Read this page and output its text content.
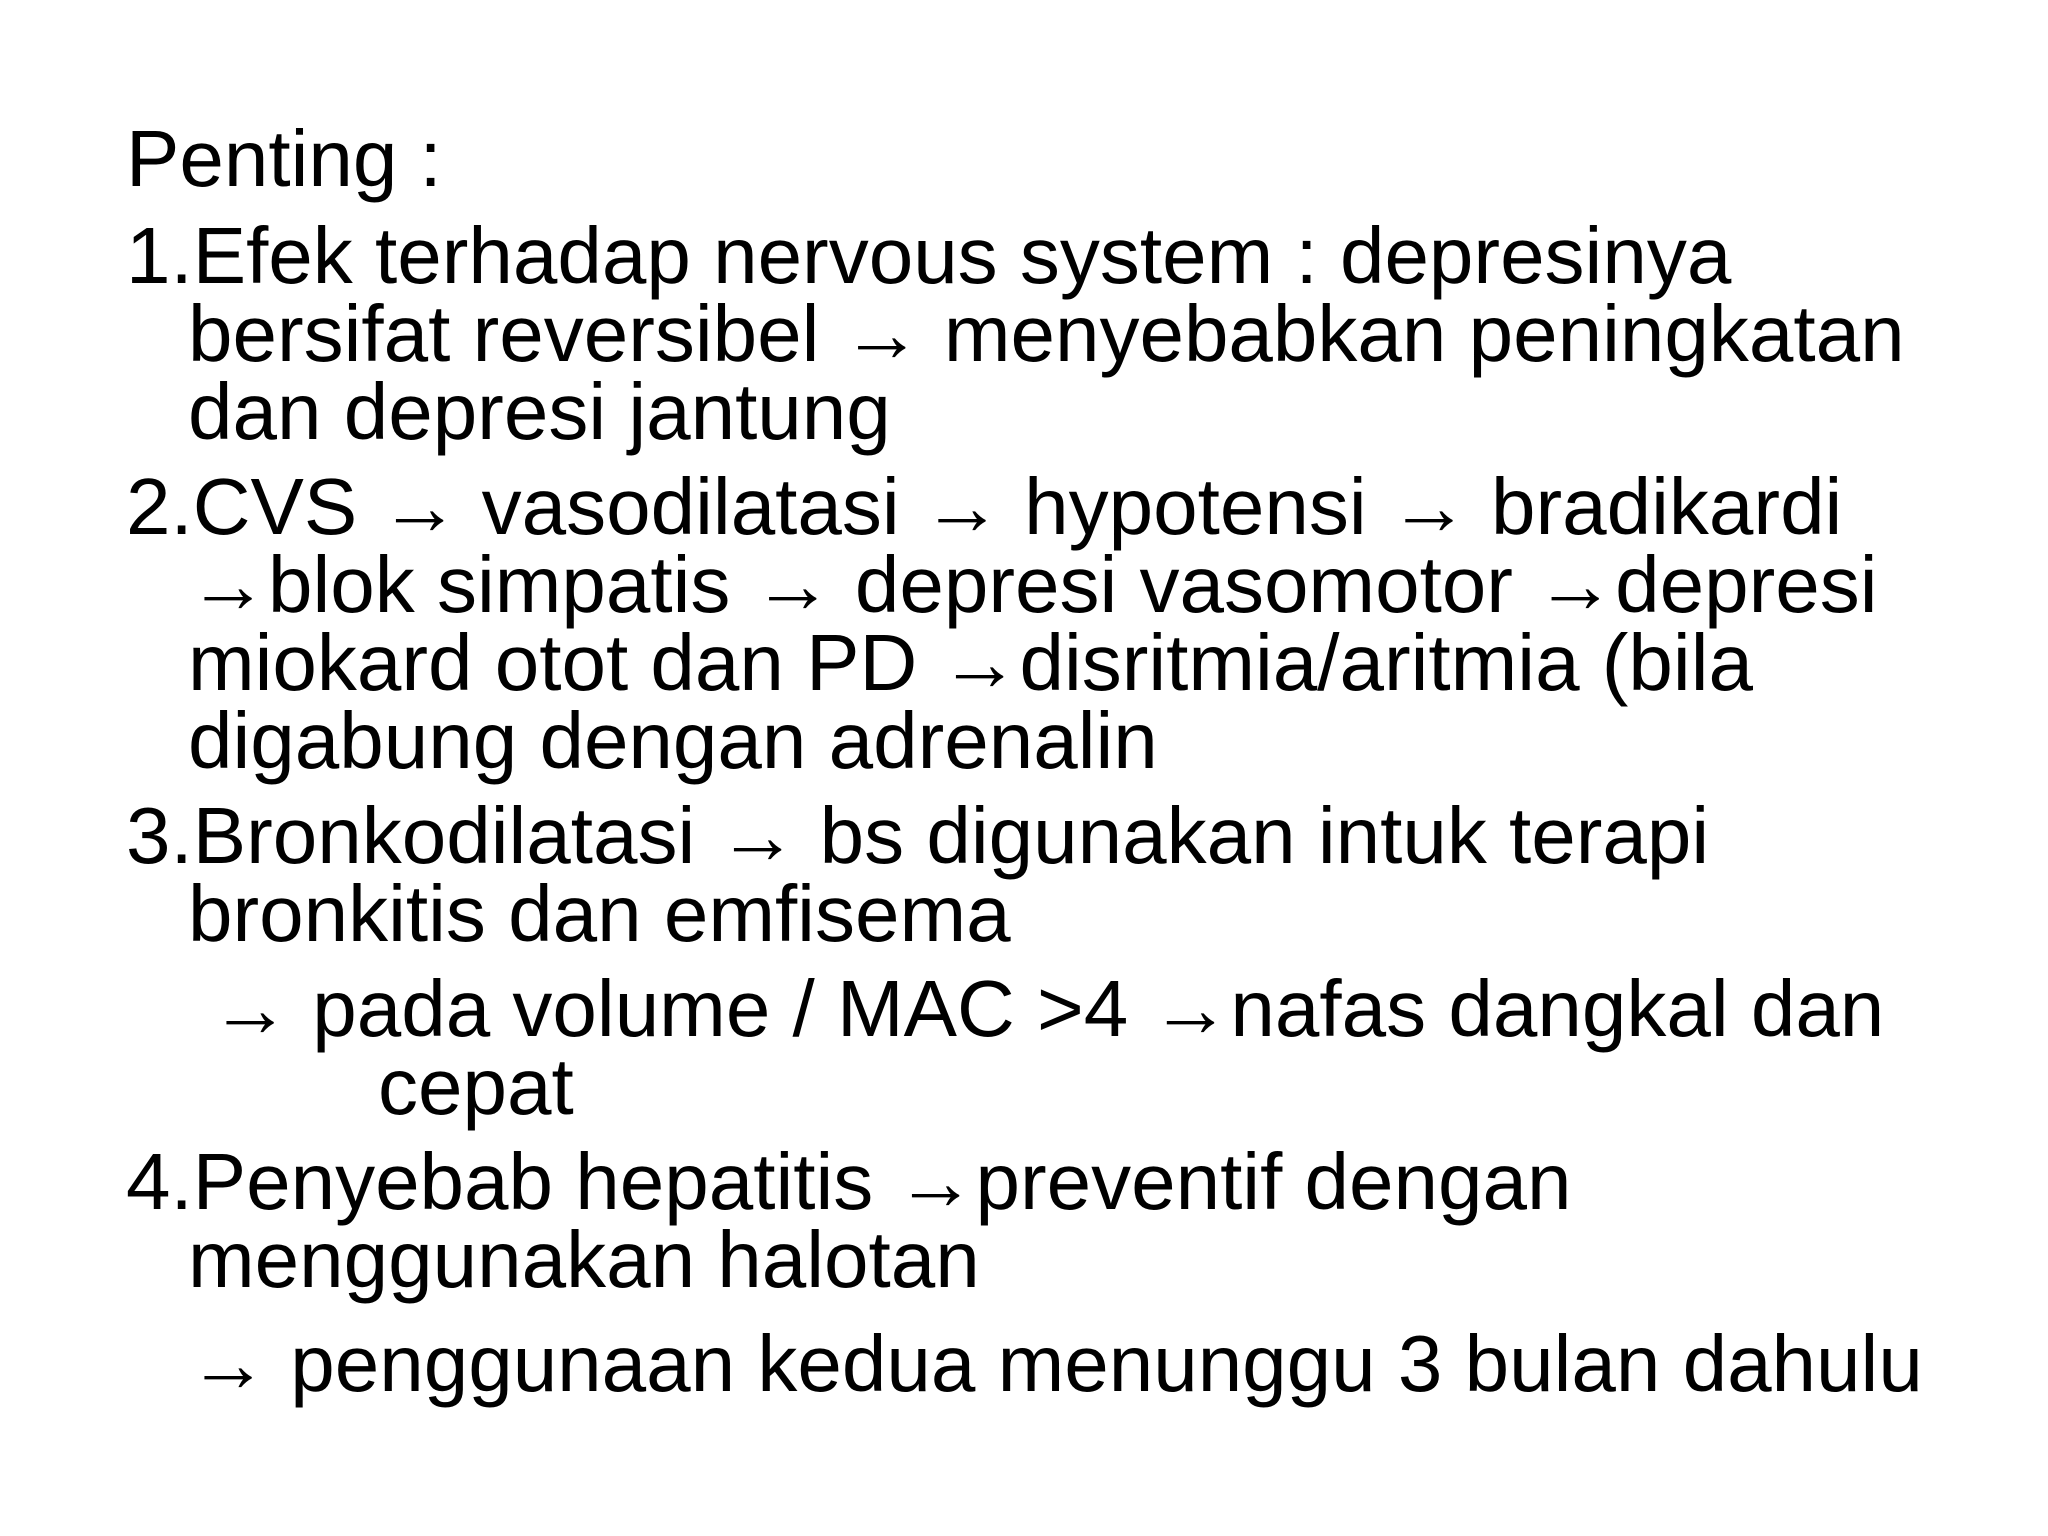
Penting :
1.Efek terhadap nervous system : depresinya
bersifat reversibel → menyebabkan peningkatan
dan depresi jantung
2.CVS → vasodilatasi → hypotensi → bradikardi
→blok simpatis → depresi vasomotor →depresi
miokard otot dan PD →disritmia/aritmia (bila
digabung dengan adrenalin
3.Bronkodilatasi → bs digunakan intuk terapi
bronkitis dan emfisema
→ pada volume / MAC >4 →nafas dangkal dan
cepat
4.Penyebab hepatitis →preventif dengan
menggunakan halotan
→ penggunaan kedua menunggu 3 bulan dahulu
